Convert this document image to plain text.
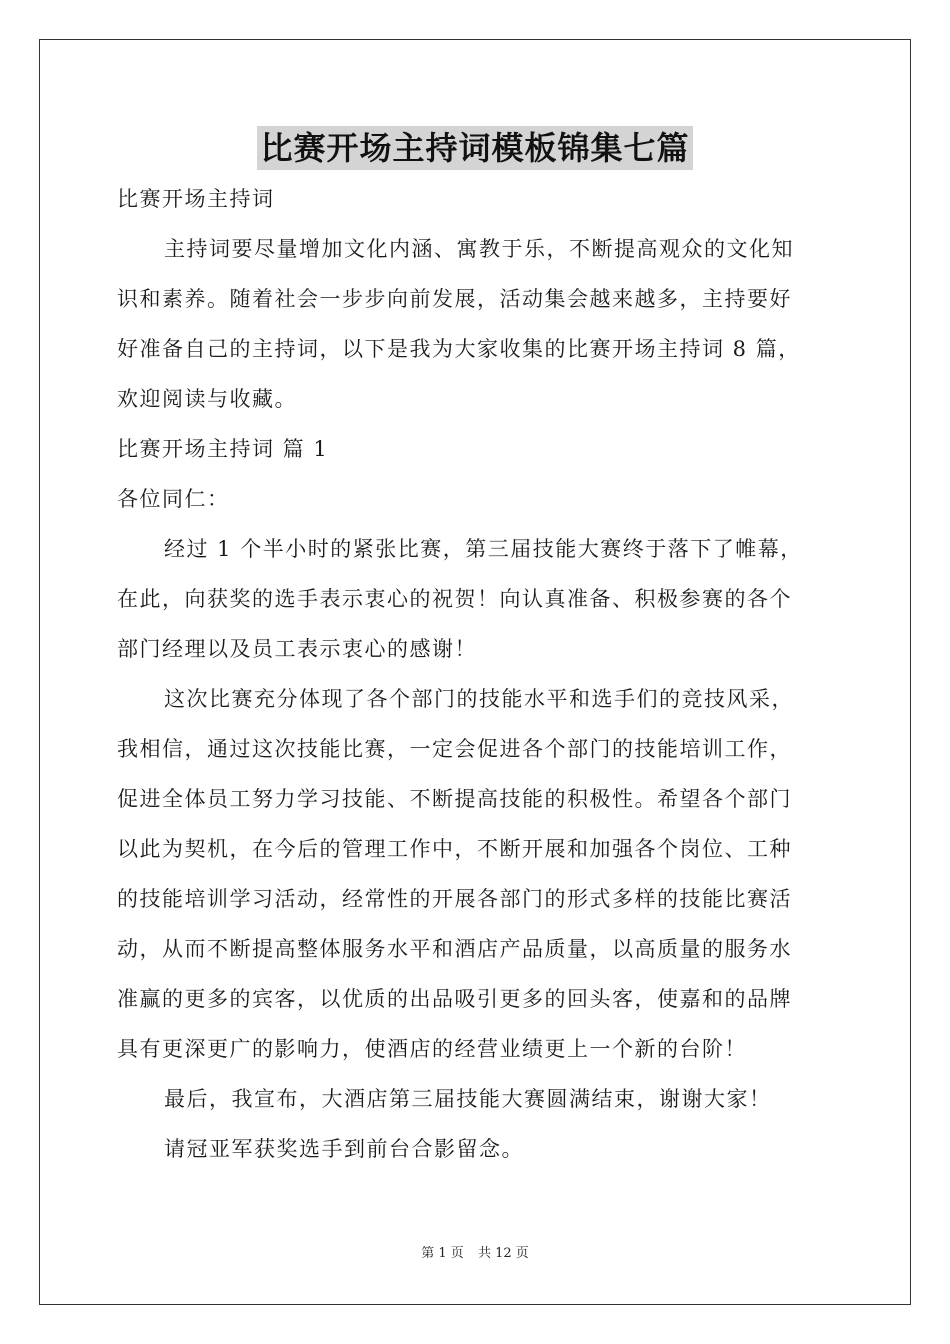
比赛开场主持词模板锦集七篇
比赛开场主持词
主持词要尽量增加文化内涵、寓教于乐，不断提高观众的文化知
识和素养。随着社会一步步向前发展，活动集会越来越多，主持要好
好准备自己的主持词，以下是我为大家收集的比赛开场主持词 8 篇，
欢迎阅读与收藏。
比赛开场主持词 篇 1
各位同仁：
经过 1 个半小时的紧张比赛，第三届技能大赛终于落下了帷幕，
在此，向获奖的选手表示衷心的祝贺！向认真准备、积极参赛的各个
部门经理以及员工表示衷心的感谢！
这次比赛充分体现了各个部门的技能水平和选手们的竞技风采，
我相信，通过这次技能比赛，一定会促进各个部门的技能培训工作，
促进全体员工努力学习技能、不断提高技能的积极性。希望各个部门
以此为契机，在今后的管理工作中，不断开展和加强各个岗位、工种
的技能培训学习活动，经常性的开展各部门的形式多样的技能比赛活
动，从而不断提高整体服务水平和酒店产品质量，以高质量的服务水
准赢的更多的宾客，以优质的出品吸引更多的回头客，使嘉和的品牌
具有更深更广的影响力，使酒店的经营业绩更上一个新的台阶！
最后，我宣布，大酒店第三届技能大赛圆满结束，谢谢大家！
请冠亚军获奖选手到前台合影留念。
第 1 页 共 12 页
